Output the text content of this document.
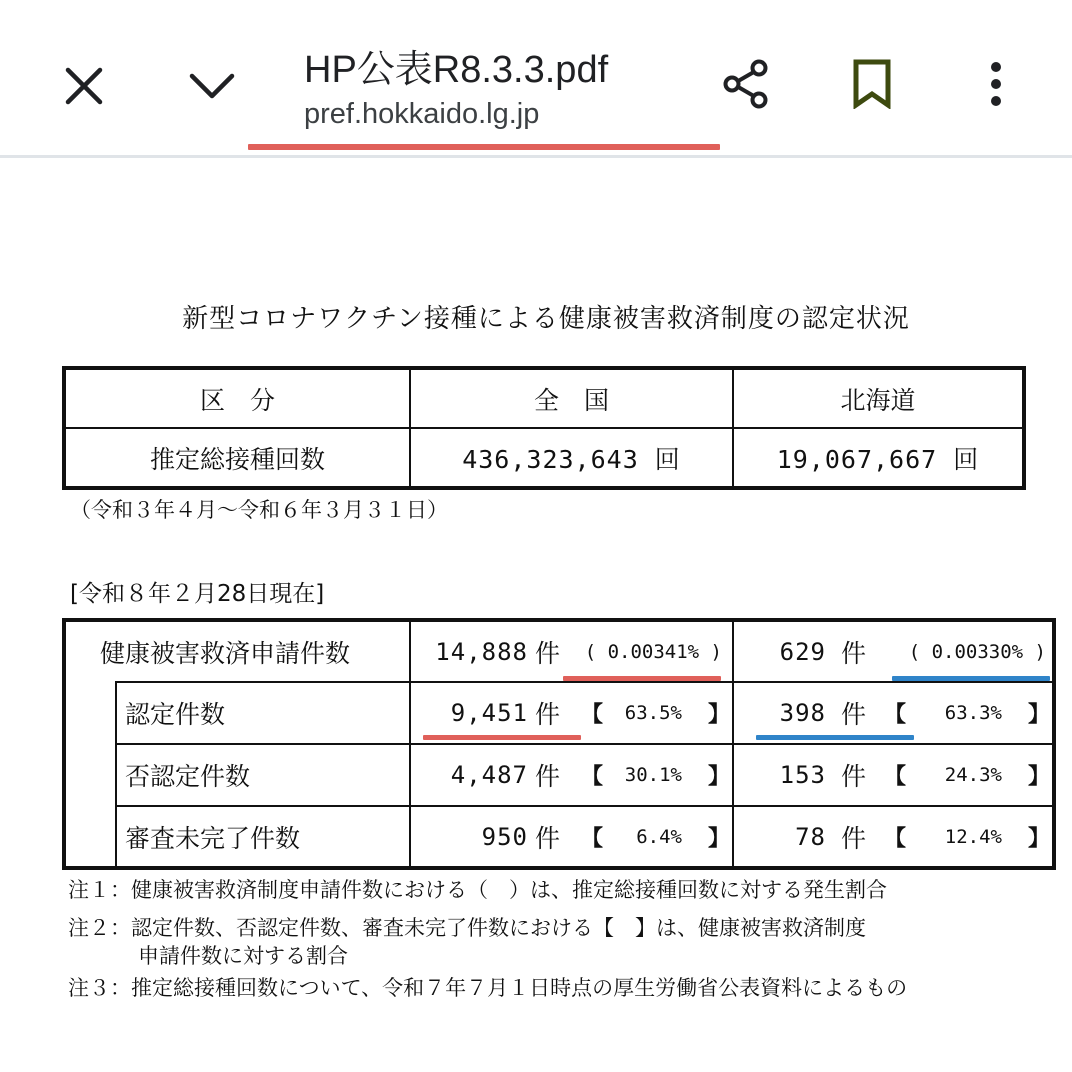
HP公表R8.3.3.pdf
pref.hokkaido.lg.jp
新型コロナワクチン接種による健康被害救済制度の認定状況
区　分	全　国	北海道
推定総接種回数	436,323,643 回	19,067,667 回
（令和３年４月～令和６年３月３１日）
[令和８年２月28日現在]
健康被害救済申請件数		14,888 件 ( 0.00341% )	629 件 ( 0.00330% )

	認定件数	9,451 件 【 63.5% 】	398 件 【 63.3% 】

	否認定件数	4,487 件 【 30.1% 】	153 件 【 24.3% 】

	審査未完了件数	950 件 【 6.4% 】	78 件 【 12.4% 】
注１：健康被害救済制度申請件数における（　）は、推定総接種回数に対する発生割合
注２：認定件数、否認定件数、審査未完了件数における【　】は、健康被害救済制度
申請件数に対する割合
注３：推定総接種回数について、令和７年７月１日時点の厚生労働省公表資料によるもの
